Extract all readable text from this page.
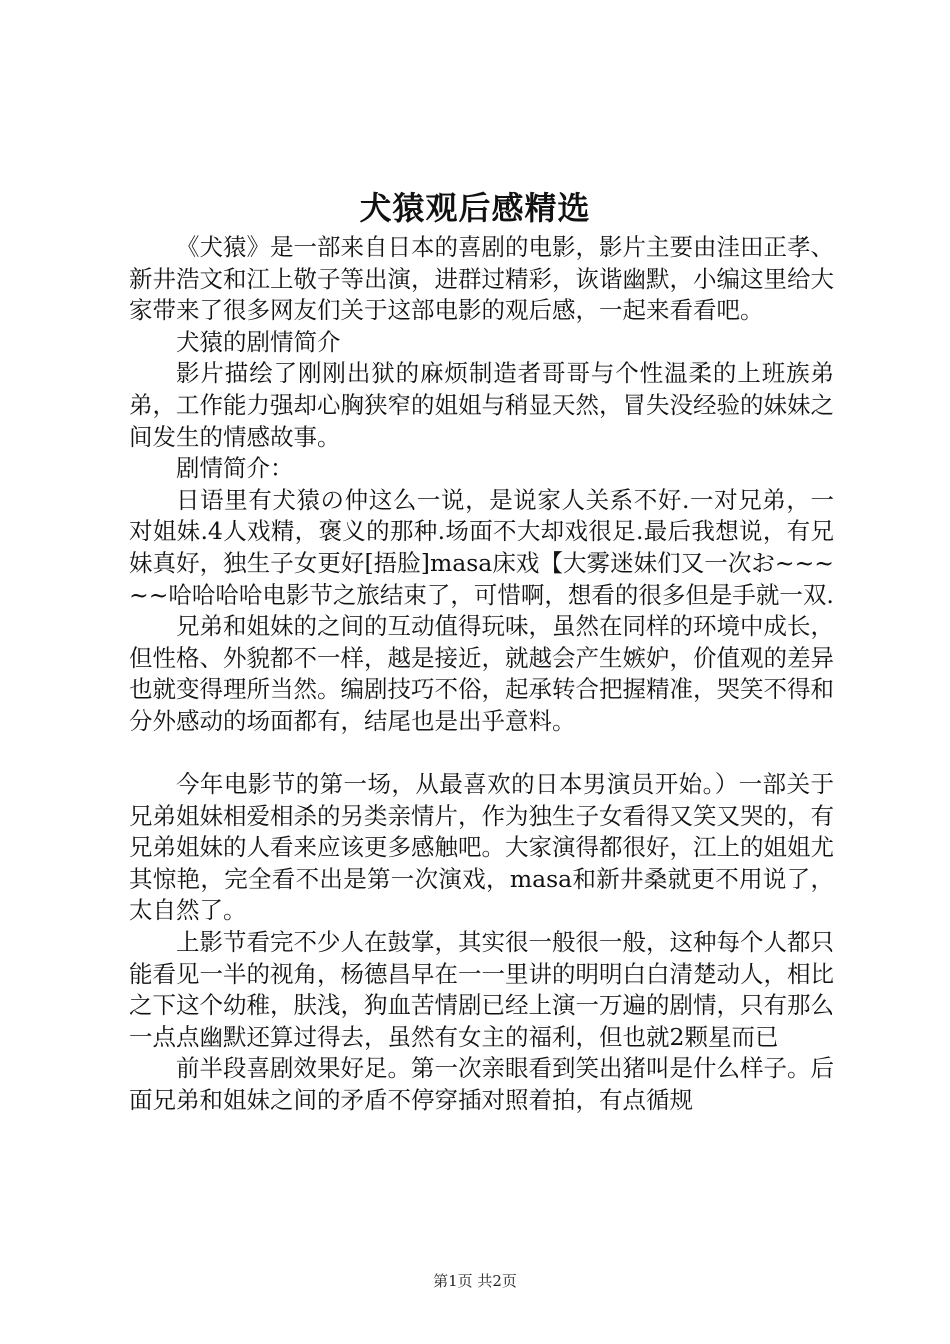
犬猿观后感精选

《犬猿》是一部来自日本的喜剧的电影，影片主要由洼田正孝、新井浩文和江上敬子等出演，进群过精彩，诙谐幽默，小编这里给大家带来了很多网友们关于这部电影的观后感，一起来看看吧。

犬猿的剧情简介

影片描绘了刚刚出狱的麻烦制造者哥哥与个性温柔的上班族弟弟，工作能力强却心胸狭窄的姐姐与稍显天然，冒失没经验的妹妹之间发生的情感故事。

剧情简介：

日语里有犬猿の仲这么一说，是说家人关系不好.一对兄弟，一对姐妹.4人戏精，褒义的那种.场面不大却戏很足.最后我想说，有兄妹真好，独生子女更好[捂脸]masa床戏【大雾迷妹们又一次お~~~~~哈哈哈哈电影节之旅结束了，可惜啊，想看的很多但是手就一双.

兄弟和姐妹的之间的互动值得玩味，虽然在同样的环境中成长，但性格、外貌都不一样，越是接近，就越会产生嫉妒，价值观的差异也就变得理所当然。编剧技巧不俗，起承转合把握精准，哭笑不得和分外感动的场面都有，结尾也是出乎意料。

今年电影节的第一场，从最喜欢的日本男演员开始。）一部关于兄弟姐妹相爱相杀的另类亲情片，作为独生子女看得又笑又哭的，有兄弟姐妹的人看来应该更多感触吧。大家演得都很好，江上的姐姐尤其惊艳，完全看不出是第一次演戏，masa和新井桑就更不用说了，太自然了。

上影节看完不少人在鼓掌，其实很一般很一般，这种每个人都只能看见一半的视角，杨德昌早在一一里讲的明明白白清楚动人，相比之下这个幼稚，肤浅，狗血苦情剧已经上演一万遍的剧情，只有那么一点点幽默还算过得去，虽然有女主的福利，但也就2颗星而已

前半段喜剧效果好足。第一次亲眼看到笑出猪叫是什么样子。后面兄弟和姐妹之间的矛盾不停穿插对照着拍，有点循规

第1页 共2页
